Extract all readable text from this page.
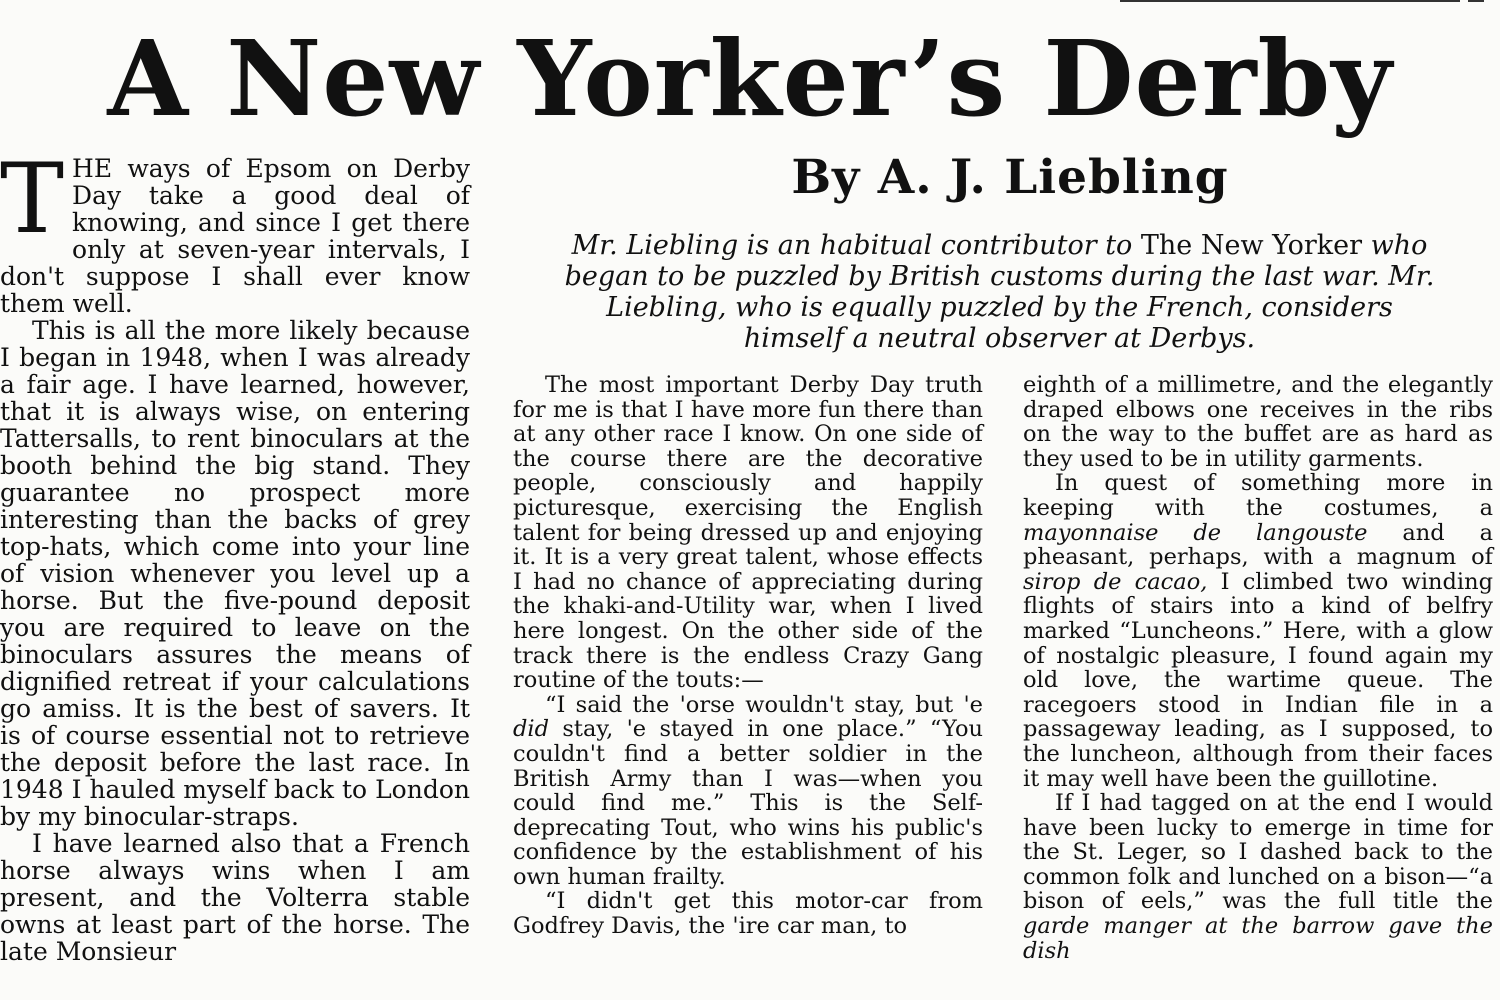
A New Yorker’s Derby
By A. J. Liebling
Mr. Liebling is an habitual contributor to The New Yorker who began to be puzzled by British customs during the last war. Mr. Liebling, who is equally puzzled by the French, considers himself a neutral observer at Derbys.

THE ways of Epsom on Derby Day take a good deal of knowing, and since I get there only at seven-year intervals, I don't suppose I shall ever know them well.

This is all the more likely because I began in 1948, when I was already a fair age. I have learned, however, that it is always wise, on entering Tattersalls, to rent binoculars at the booth behind the big stand. They guarantee no prospect more interesting than the backs of grey top-hats, which come into your line of vision whenever you level up a horse. But the five-pound deposit you are required to leave on the binoculars assures the means of dignified retreat if your calculations go amiss. It is the best of savers. It is of course essential not to retrieve the deposit before the last race. In 1948 I hauled myself back to London by my binocular-straps.

I have learned also that a French horse always wins when I am present, and the Volterra stable owns at least part of the horse. The late Monsieur

The most important Derby Day truth for me is that I have more fun there than at any other race I know. On one side of the course there are the decorative people, consciously and happily picturesque, exercising the English talent for being dressed up and enjoying it. It is a very great talent, whose effects I had no chance of appreciating during the khaki-and-Utility war, when I lived here longest. On the other side of the track there is the endless Crazy Gang routine of the touts:—

“I said the 'orse wouldn't stay, but 'e did stay, 'e stayed in one place.” “You couldn't find a better soldier in the British Army than I was—when you could find me.” This is the Self-deprecating Tout, who wins his public's confidence by the establishment of his own human frailty.

“I didn't get this motor-car from Godfrey Davis, the 'ire car man, to

eighth of a millimetre, and the elegantly draped elbows one receives in the ribs on the way to the buffet are as hard as they used to be in utility garments.

In quest of something more in keeping with the costumes, a mayonnaise de langouste and a pheasant, perhaps, with a magnum of sirop de cacao, I climbed two winding flights of stairs into a kind of belfry marked “Luncheons.” Here, with a glow of nostalgic pleasure, I found again my old love, the wartime queue. The racegoers stood in Indian file in a passageway leading, as I supposed, to the luncheon, although from their faces it may well have been the guillotine.

If I had tagged on at the end I would have been lucky to emerge in time for the St. Leger, so I dashed back to the common folk and lunched on a bison—“a bison of eels,” was the full title the garde manger at the barrow gave the dish
